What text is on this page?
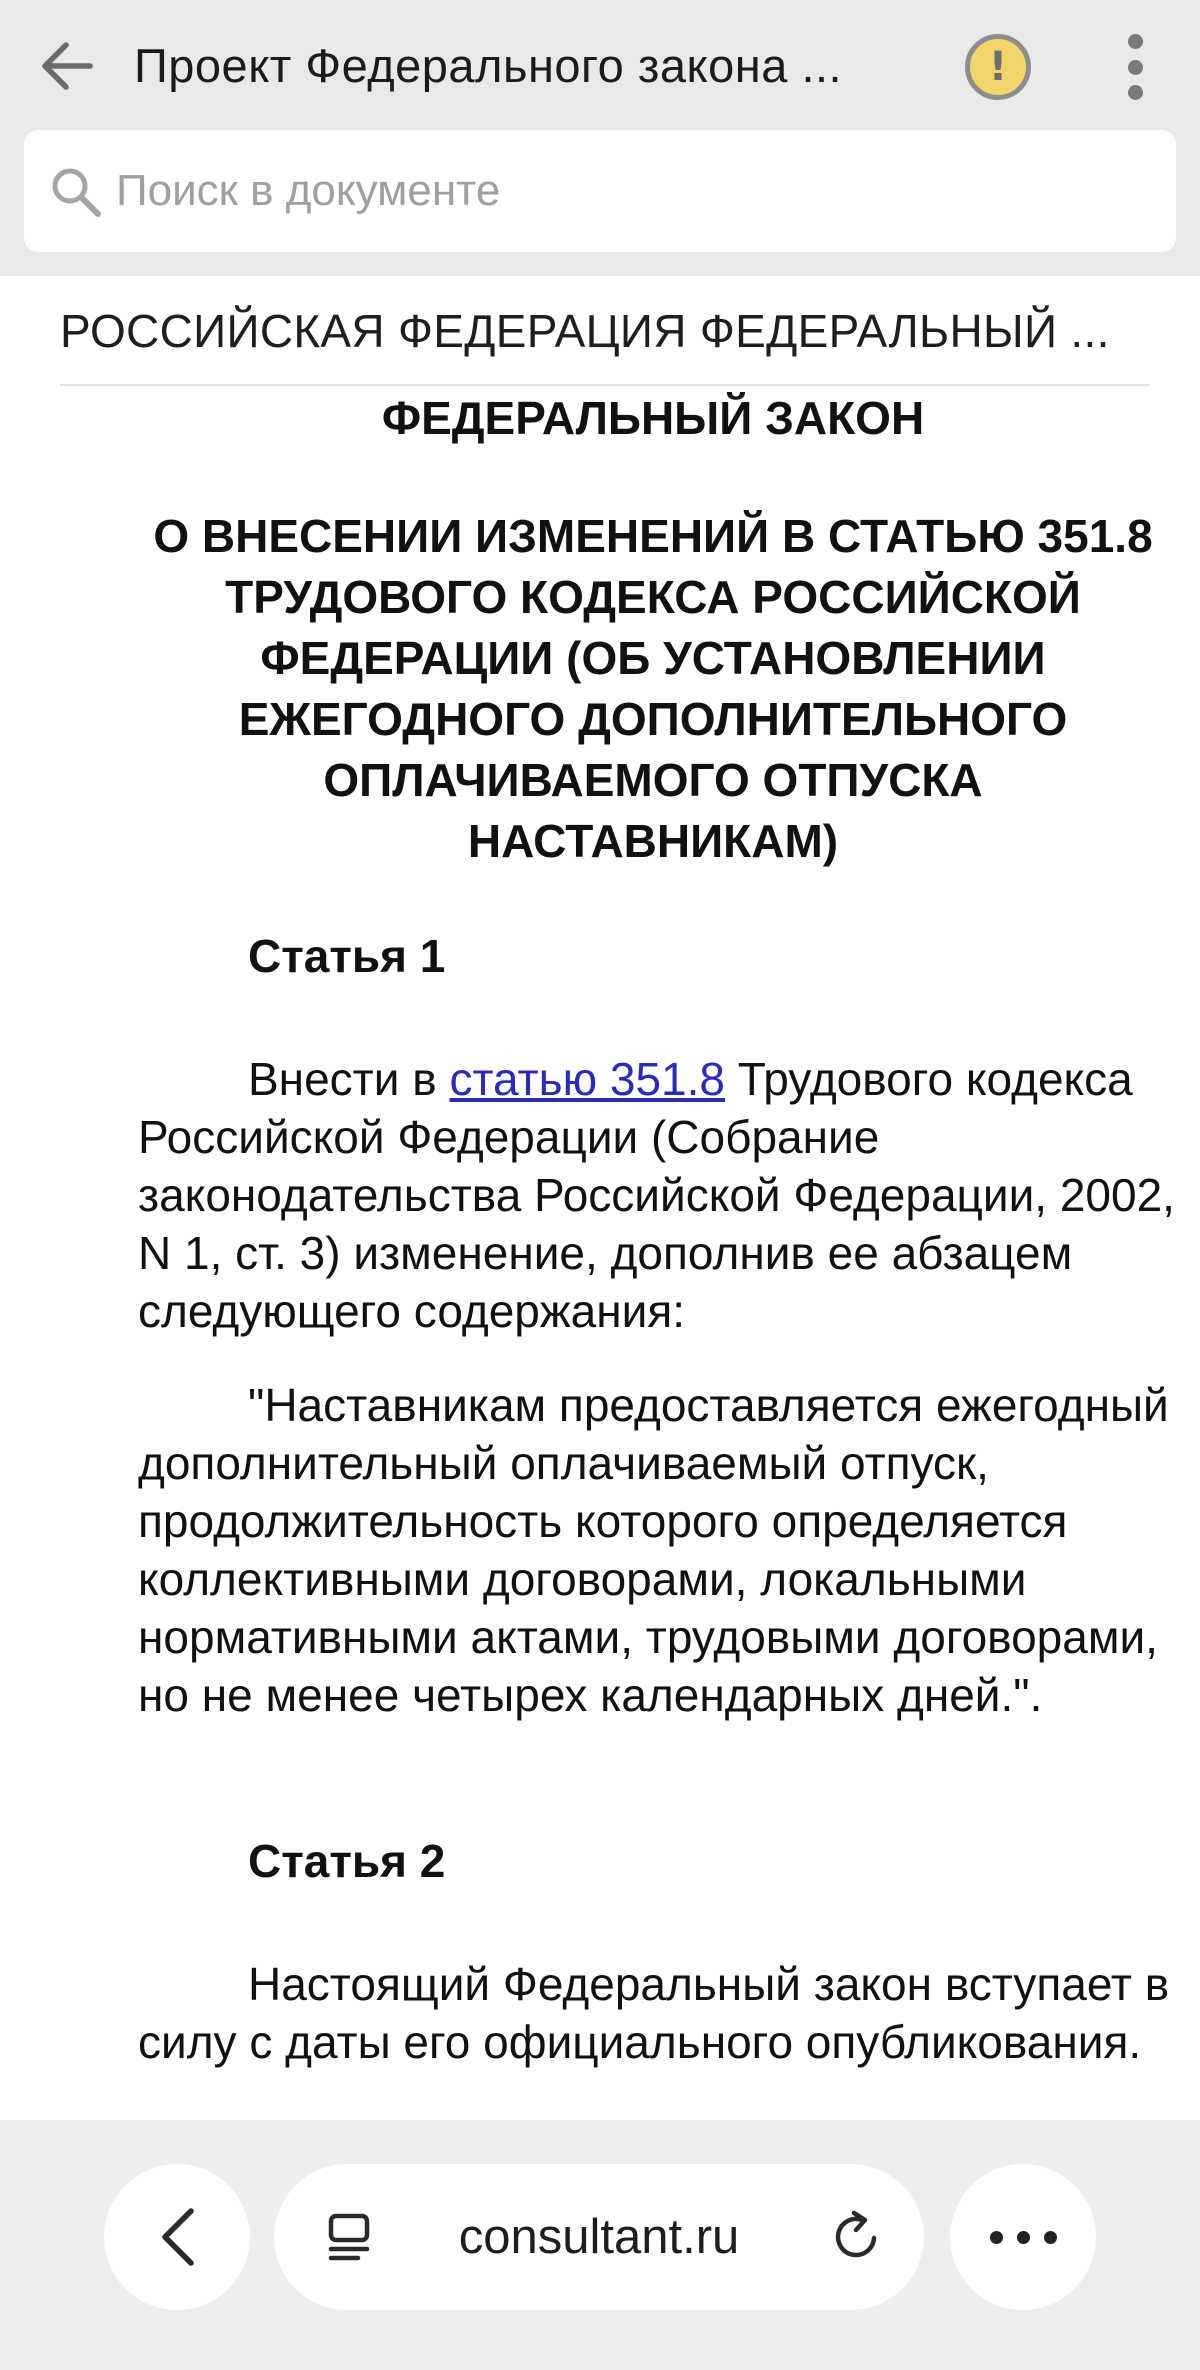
Проект Федерального закона ...	!
Поиск в документе
РОССИЙСКАЯ ФЕДЕРАЦИЯ ФЕДЕРАЛЬНЫЙ ...
ФЕДЕРАЛЬНЫЙ ЗАКОН
О ВНЕСЕНИИ ИЗМЕНЕНИЙ В СТАТЬЮ 351.8 ТРУДОВОГО КОДЕКСА РОССИЙСКОЙ ФЕДЕРАЦИИ (ОБ УСТАНОВЛЕНИИ ЕЖЕГОДНОГО ДОПОЛНИТЕЛЬНОГО ОПЛАЧИВАЕМОГО ОТПУСКА НАСТАВНИКАМ)
Статья 1
Внести в статью 351.8 Трудового кодекса Российской Федерации (Собрание законодательства Российской Федерации, 2002, N 1, ст. 3) изменение, дополнив ее абзацем следующего содержания:
"Наставникам предоставляется ежегодный дополнительный оплачиваемый отпуск, продолжительность которого определяется коллективными договорами, локальными нормативными актами, трудовыми договорами, но не менее четырех календарных дней.".
Статья 2
Настоящий Федеральный закон вступает в силу с даты его официального опубликования.
consultant.ru
